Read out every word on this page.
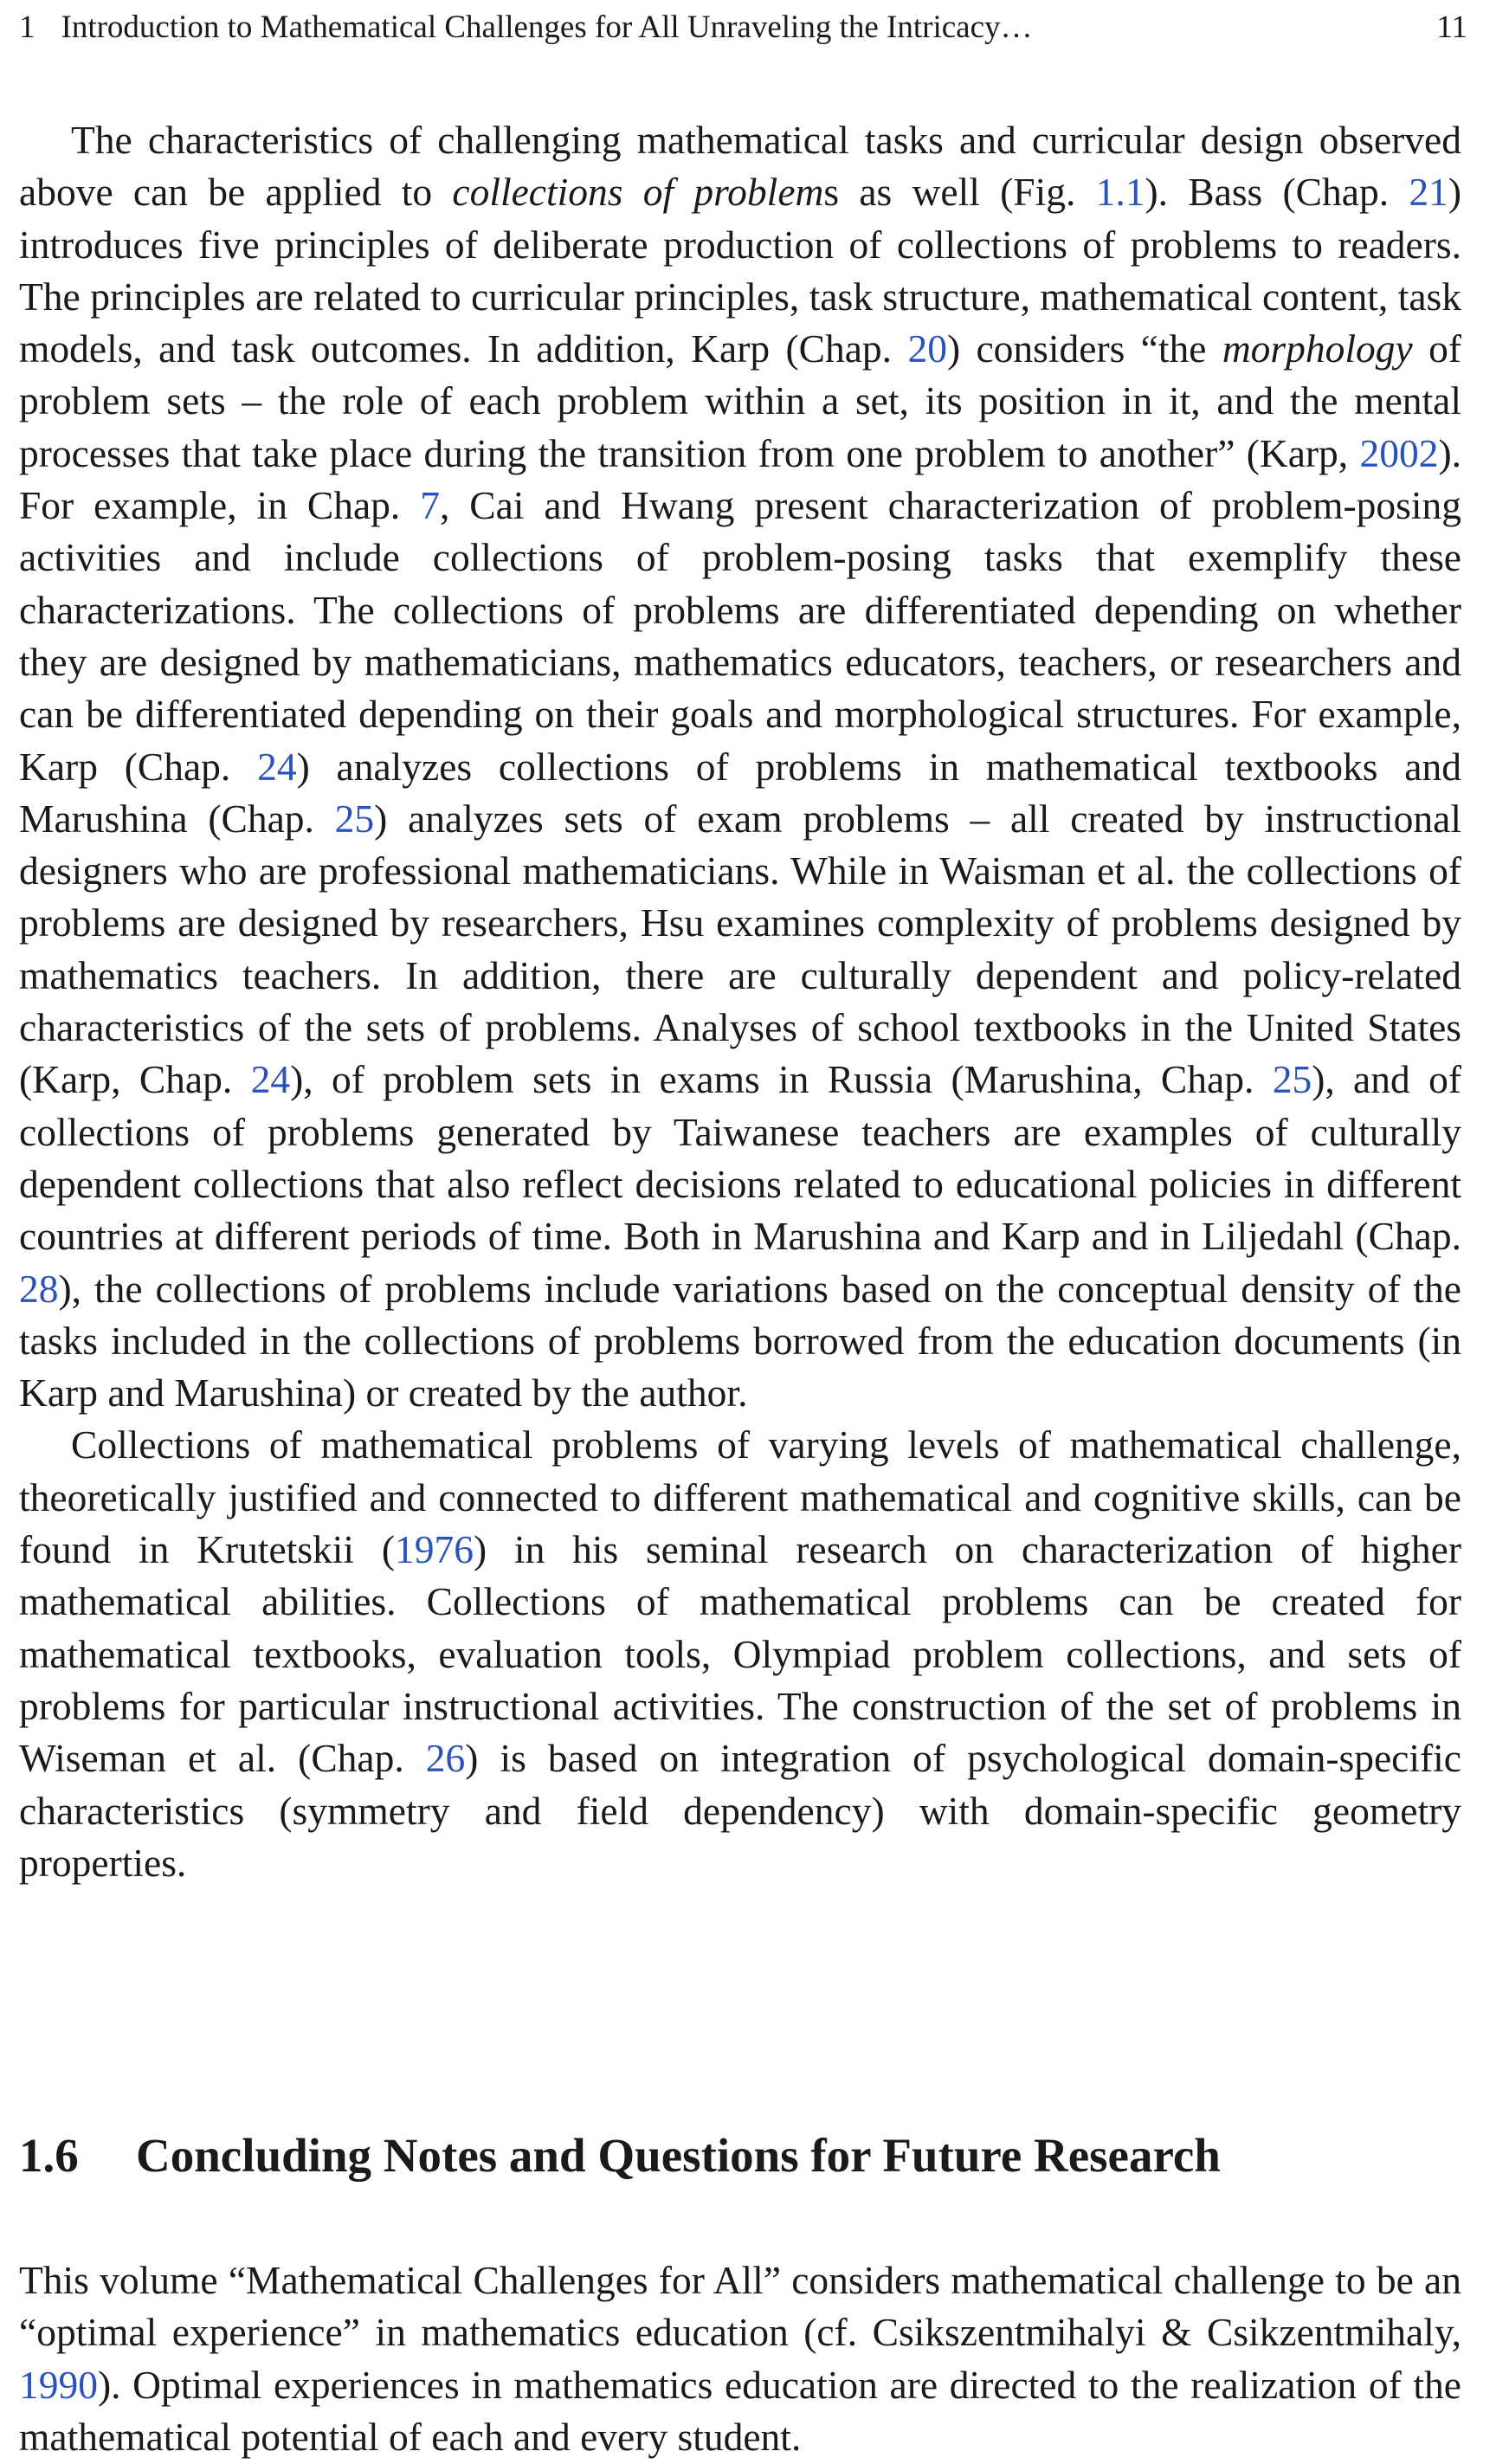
1 Introduction to Mathematical Challenges for All Unraveling the Intricacy…	11

The characteristics of challenging mathematical tasks and curricular design observed above can be applied to collections of problems as well (Fig. 1.1). Bass (Chap. 21) introduces five principles of deliberate production of collections of problems to readers. The principles are related to curricular principles, task structure, mathematical content, task models, and task outcomes. In addition, Karp (Chap. 20) considers “the morphology of problem sets – the role of each problem within a set, its position in it, and the mental processes that take place during the transition from one problem to another” (Karp, 2002). For example, in Chap. 7, Cai and Hwang present characterization of problem-posing activities and include collections of problem-posing tasks that exemplify these characterizations. The collections of problems are differentiated depending on whether they are designed by mathematicians, mathematics educators, teachers, or researchers and can be differentiated depending on their goals and morphological structures. For example, Karp (Chap. 24) analyzes collections of problems in mathematical textbooks and Marushina (Chap. 25) analyzes sets of exam problems – all created by instructional designers who are professional mathematicians. While in Waisman et al. the collections of problems are designed by researchers, Hsu examines complexity of problems designed by mathematics teachers. In addition, there are culturally dependent and policy-related characteristics of the sets of problems. Analyses of school textbooks in the United States (Karp, Chap. 24), of problem sets in exams in Russia (Marushina, Chap. 25), and of collections of problems generated by Taiwanese teachers are examples of culturally dependent collections that also reflect decisions related to educational policies in different countries at different periods of time. Both in Marushina and Karp and in Liljedahl (Chap. 28), the collections of problems include variations based on the conceptual density of the tasks included in the collections of problems borrowed from the education documents (in Karp and Marushina) or created by the author.

Collections of mathematical problems of varying levels of mathematical challenge, theoretically justified and connected to different mathematical and cognitive skills, can be found in Krutetskii (1976) in his seminal research on characterization of higher mathematical abilities. Collections of mathematical problems can be created for mathematical textbooks, evaluation tools, Olympiad problem collections, and sets of problems for particular instructional activities. The construction of the set of problems in Wiseman et al. (Chap. 26) is based on integration of psychological domain-specific characteristics (symmetry and field dependency) with domain-specific geometry properties.

1.6 Concluding Notes and Questions for Future Research

This volume “Mathematical Challenges for All” considers mathematical challenge to be an “optimal experience” in mathematics education (cf. Csikszentmihalyi & Csikzentmihaly, 1990). Optimal experiences in mathematics education are directed to the realization of the mathematical potential of each and every student.
